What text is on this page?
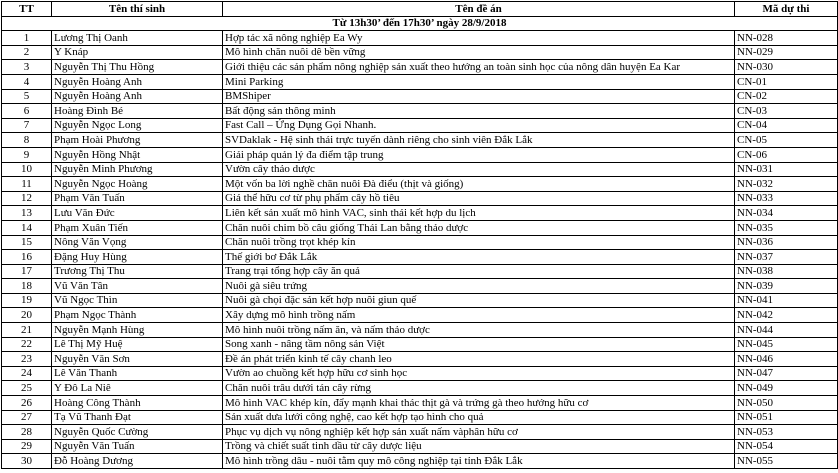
TT	Tên thí sinh	Tên đề án	Mã dự thi
Từ 13h30’ đến 17h30’ ngày 28/9/2018			
1	Lương Thị Oanh	Hợp tác xã nông nghiệp Ea Wy	NN-028
2	Y Knáp	Mô hình chăn nuôi dê bền vững	NN-029
3	Nguyễn Thị Thu Hồng	Giới thiệu các sản phẩm nông nghiệp sản xuất theo hướng an toàn sinh học của nông dân huyện Ea Kar	NN-030
4	Nguyễn Hoàng Anh	Mini Parking	CN-01
5	Nguyễn Hoàng Anh	BMShiper	CN-02
6	Hoàng Đình Bé	Bất động sản thông minh	CN-03
7	Nguyễn Ngọc Long	Fast Call – Ứng Dụng Gọi Nhanh.	CN-04
8	Phạm Hoài Phương	SVDaklak - Hệ sinh thái trực tuyến dành riêng cho sinh viên Đắk Lắk	CN-05
9	Nguyễn Hồng Nhật	Giải pháp quản lý đa điểm tập trung	CN-06
10	Nguyễn Minh Phương	Vườn cây thảo dược	NN-031
11	Nguyễn Ngọc Hoàng	Một vốn ba lời nghề chăn nuôi Đà điểu (thịt và giống)	NN-032
12	Phạm Văn Tuấn	Giá thể hữu cơ từ phụ phẩm cây hồ tiêu	NN-033
13	Lưu Văn Đức	Liên kết sản xuất mô hình VAC, sinh thái kết hợp du lịch	NN-034
14	Phạm Xuân Tiến	Chăn nuôi chim bồ câu giống Thái Lan bằng thảo dược	NN-035
15	Nông Văn Vọng	Chăn nuôi trồng trọt khép kín	NN-036
16	Đặng Huy Hùng	Thế giới bơ Đắk Lắk	NN-037
17	Trương Thị Thu	Trang trại tổng hợp cây ăn quả	NN-038
18	Vũ Văn Tân	Nuôi gà siêu trứng	NN-039
19	Vũ Ngọc Thìn	Nuôi gà chọi đặc sản kết hợp nuôi giun quế	NN-041
20	Phạm Ngọc Thành	Xây dựng mô hình trồng nấm	NN-042
21	Nguyễn Mạnh Hùng	Mô hình nuôi trồng nấm ăn, và nấm thảo dược	NN-044
22	Lê Thị Mỹ Huệ	Song xanh - nâng tầm nông sản Việt	NN-045
23	Nguyễn Văn Sơn	Đề án phát triển kinh tế cây chanh leo	NN-046
24	Lê Văn Thanh	Vườn ao chuồng kết hợp hữu cơ sinh học	NN-047
25	Y Đô La Niê	Chăn nuôi trâu dưới tán cây rừng	NN-049
26	Hoàng Công Thành	Mô hình VAC khép kín, đẩy mạnh khai thác thịt gà và trứng gà theo hướng hữu cơ	NN-050
27	Tạ Vũ Thanh Đạt	Sản xuất dưa lưới công nghệ, cao kết hợp tạo hình cho quả	NN-051
28	Nguyễn Quốc Cường	Phục vụ dịch vụ nông nghiệp kết hợp sản xuất nấm vàphân hữu cơ	NN-053
29	Nguyễn Văn Tuấn	Trồng và chiết suất tinh dầu từ cây dược liệu	NN-054
30	Đỗ Hoàng Dương	Mô hình trồng dâu - nuôi tằm quy mô công nghiệp tại tỉnh Đắk Lắk	NN-055
